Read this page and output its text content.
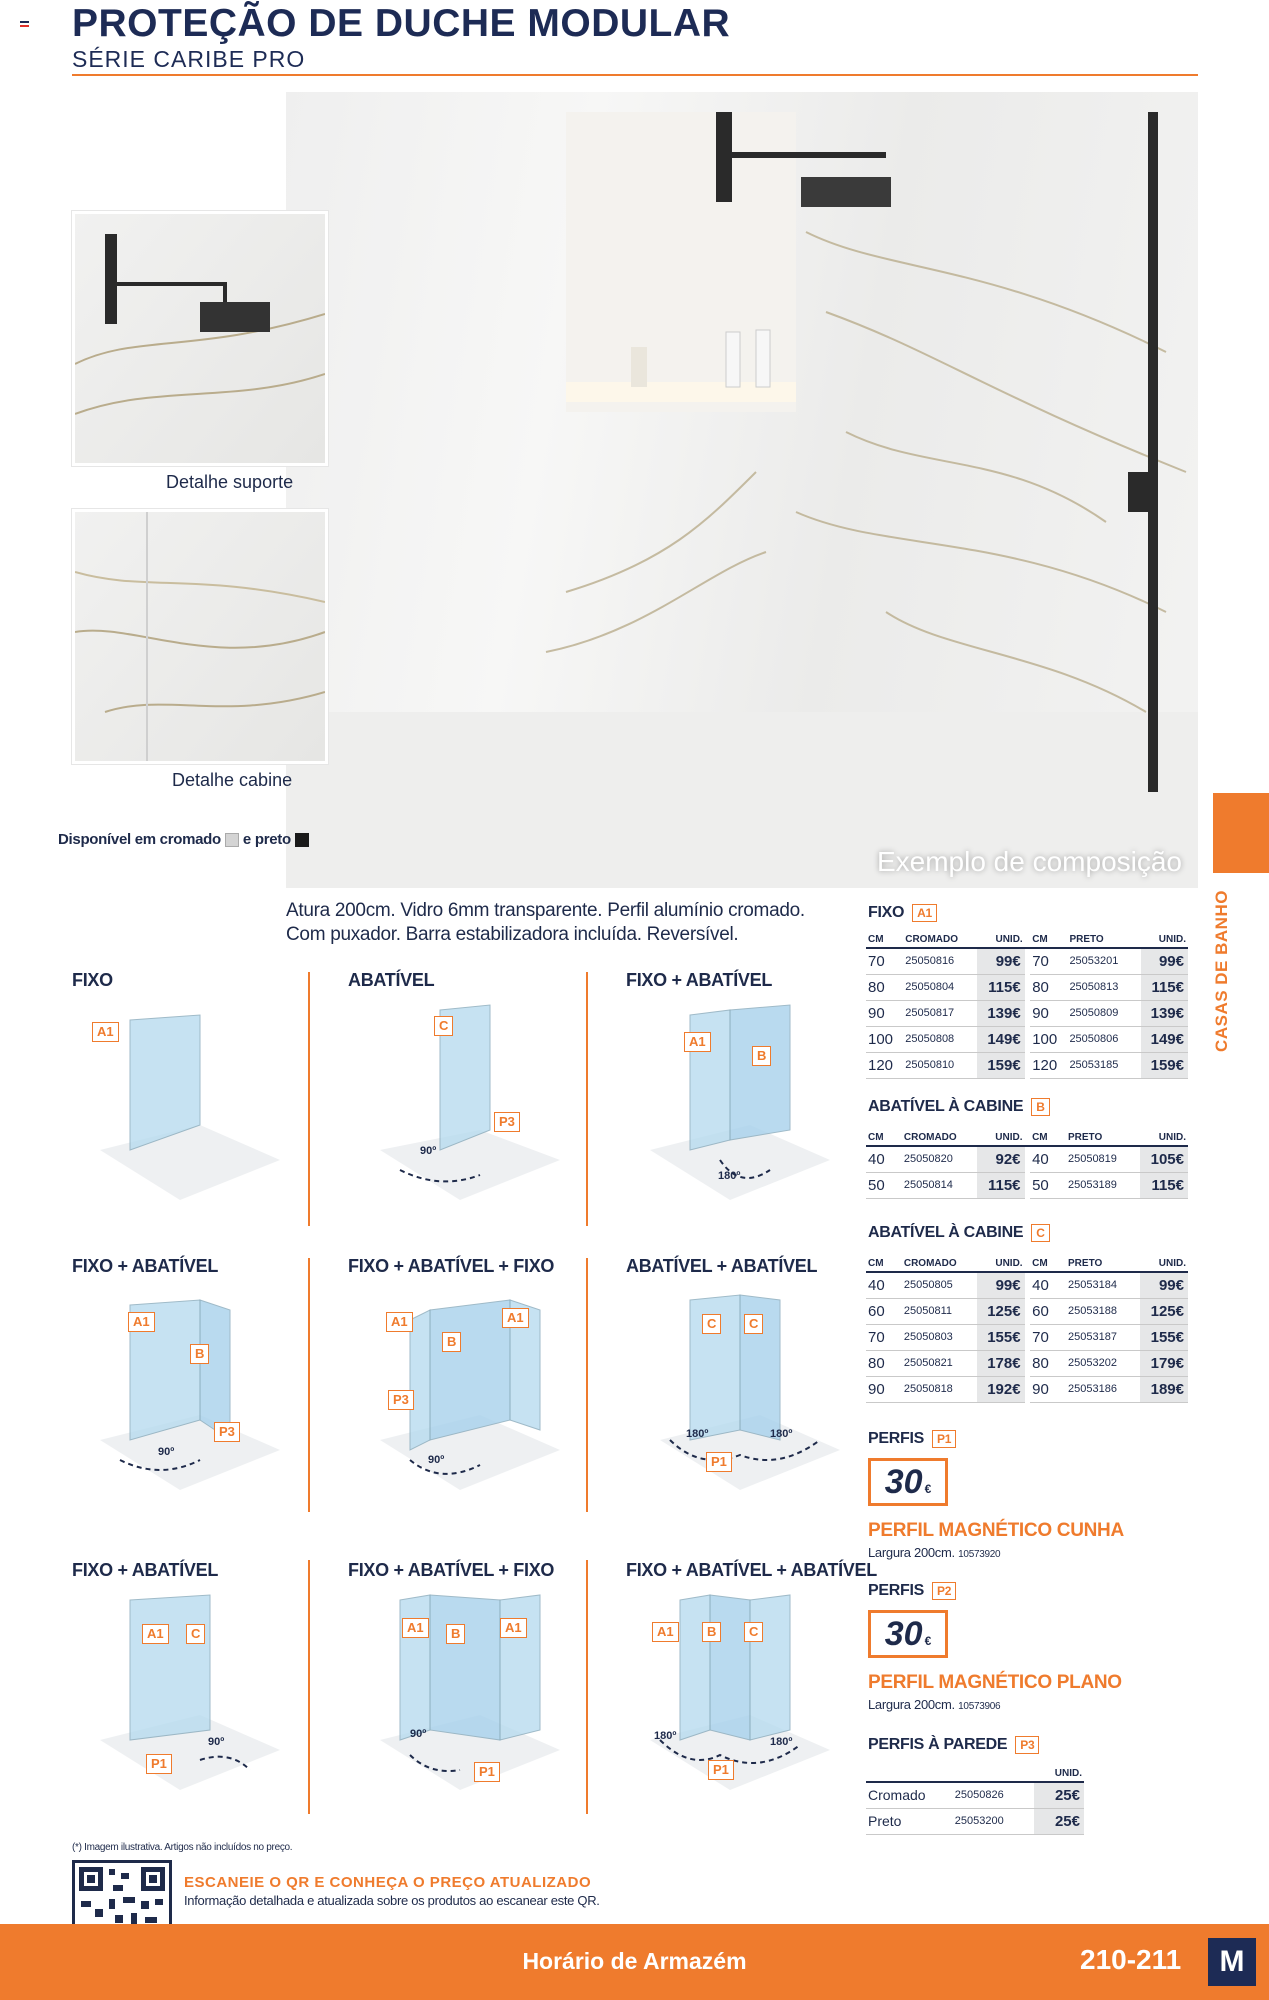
PROTEÇÃO DE DUCHE MODULAR
SÉRIE CARIBE PRO
Exemplo de composição
Detalhe suporte
Detalhe cabine
Disponível em cromado e preto
Atura 200cm. Vidro 6mm transparente. Perfil alumínio cromado. Com puxador. Barra estabilizadora incluída. Reversível.
FIXO
A1
ABATÍVEL
C
P3
90º
FIXO + ABATÍVEL
A1
B
180º
FIXO + ABATÍVEL
A1
B
P3
90º
FIXO + ABATÍVEL + FIXO
A1
B
A1
P3
90º
ABATÍVEL + ABATÍVEL
C	C
P1
180º	180º
FIXO + ABATÍVEL
A1	C
P1
90º
FIXO + ABATÍVEL + FIXO
A1	B	A1
P1
90º
FIXO + ABATÍVEL + ABATÍVEL
A1	B	C
P1
180º	180º
FIXO	A1
CM	CROMADO	UNID.		CM	PRETO	UNID.
70	25050816	99€		70	25053201	99€
80	25050804	115€		80	25050813	115€
90	25050817	139€		90	25050809	139€
100	25050808	149€		100	25050806	149€
120	25050810	159€		120	25053185	159€
ABATÍVEL À CABINE	B
CM	CROMADO	UNID.		CM	PRETO	UNID.
40	25050820	92€		40	25050819	105€
50	25050814	115€		50	25053189	115€
ABATÍVEL À CABINE	C
CM	CROMADO	UNID.		CM	PRETO	UNID.
40	25050805	99€		40	25053184	99€
60	25050811	125€		60	25053188	125€
70	25050803	155€		70	25053187	155€
80	25050821	178€		80	25053202	179€
90	25050818	192€		90	25053186	189€
PERFIS	P1
30 €
PERFIL MAGNÉTICO CUNHA
Largura 200cm. 10573920
PERFIS	P2
30 €
PERFIL MAGNÉTICO PLANO
Largura 200cm. 10573906
PERFIS À PAREDE	P3
		UNID.
Cromado	25050826	25€
Preto	25053200	25€
CASAS DE BANHO
(*) Imagem ilustrativa. Artigos não incluídos no preço.
ESCANEIE O QR E CONHEÇA O PREÇO ATUALIZADO
Informação detalhada e atualizada sobre os produtos ao escanear este QR.
Horário de Armazém	210-211	M
